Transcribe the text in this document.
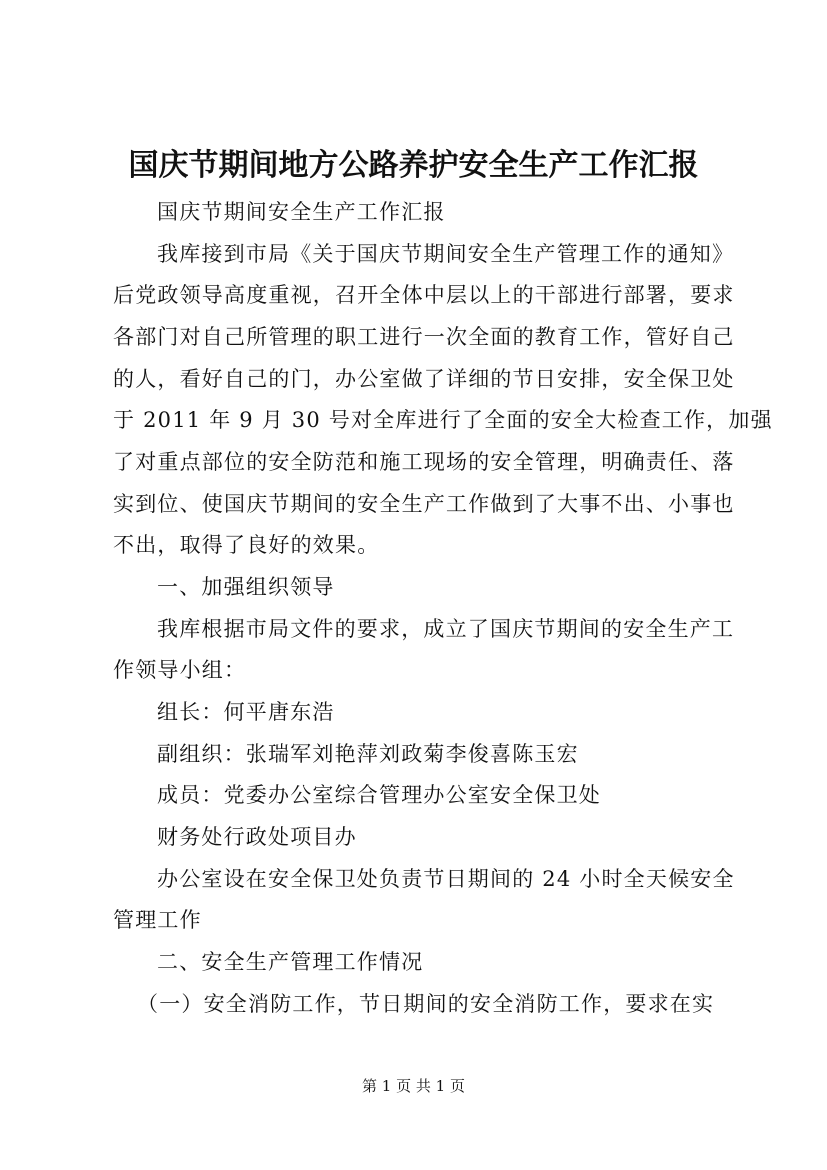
国庆节期间地方公路养护安全生产工作汇报
国庆节期间安全生产工作汇报
我库接到市局《关于国庆节期间安全生产管理工作的通知》
后党政领导高度重视，召开全体中层以上的干部进行部署，要求
各部门对自己所管理的职工进行一次全面的教育工作，管好自己
的人，看好自己的门，办公室做了详细的节日安排，安全保卫处
于 2011 年 9 月 30 号对全库进行了全面的安全大检查工作，加强
了对重点部位的安全防范和施工现场的安全管理，明确责任、落
实到位、使国庆节期间的安全生产工作做到了大事不出、小事也
不出，取得了良好的效果。
一、加强组织领导
我库根据市局文件的要求，成立了国庆节期间的安全生产工
作领导小组：
组长：何平唐东浩
副组织：张瑞军刘艳萍刘政菊李俊喜陈玉宏
成员：党委办公室综合管理办公室安全保卫处
财务处行政处项目办
办公室设在安全保卫处负责节日期间的 24 小时全天候安全
管理工作
二、安全生产管理工作情况
（一）安全消防工作，节日期间的安全消防工作，要求在实
第 1 页 共 1 页
